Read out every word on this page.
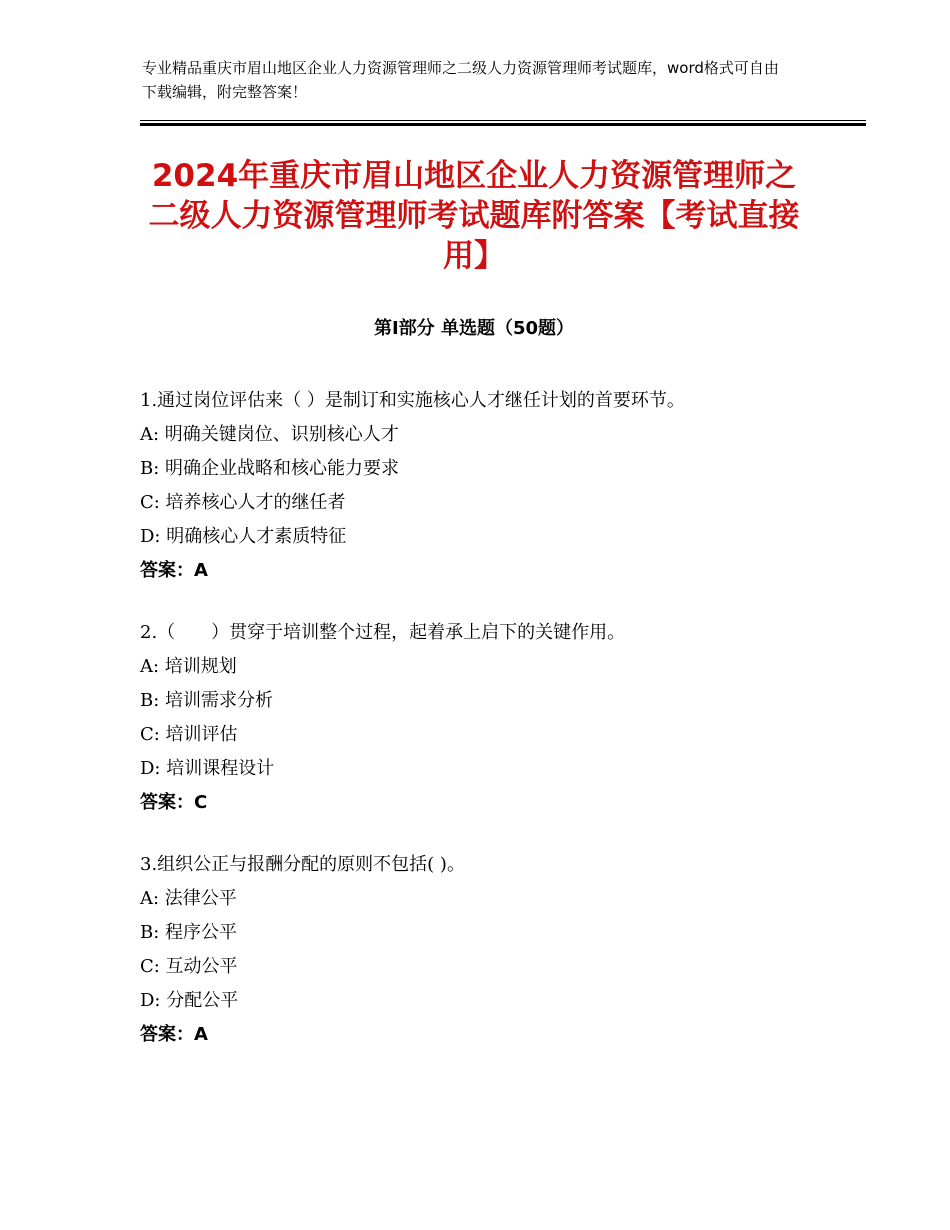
专业精品重庆市眉山地区企业人力资源管理师之二级人力资源管理师考试题库，word格式可自由下载编辑，附完整答案！
2024年重庆市眉山地区企业人力资源管理师之二级人力资源管理师考试题库附答案【考试直接用】
第Ⅰ部分 单选题（50题）
1.通过岗位评估来（ ）是制订和实施核心人才继任计划的首要环节。
A: 明确关键岗位、识别核心人才
B: 明确企业战略和核心能力要求
C: 培养核心人才的继任者
D: 明确核心人才素质特征
答案：A
2.（　　）贯穿于培训整个过程，起着承上启下的关键作用。
A: 培训规划
B: 培训需求分析
C: 培训评估
D: 培训课程设计
答案：C
3.组织公正与报酬分配的原则不包括( )。
A: 法律公平
B: 程序公平
C: 互动公平
D: 分配公平
答案：A
